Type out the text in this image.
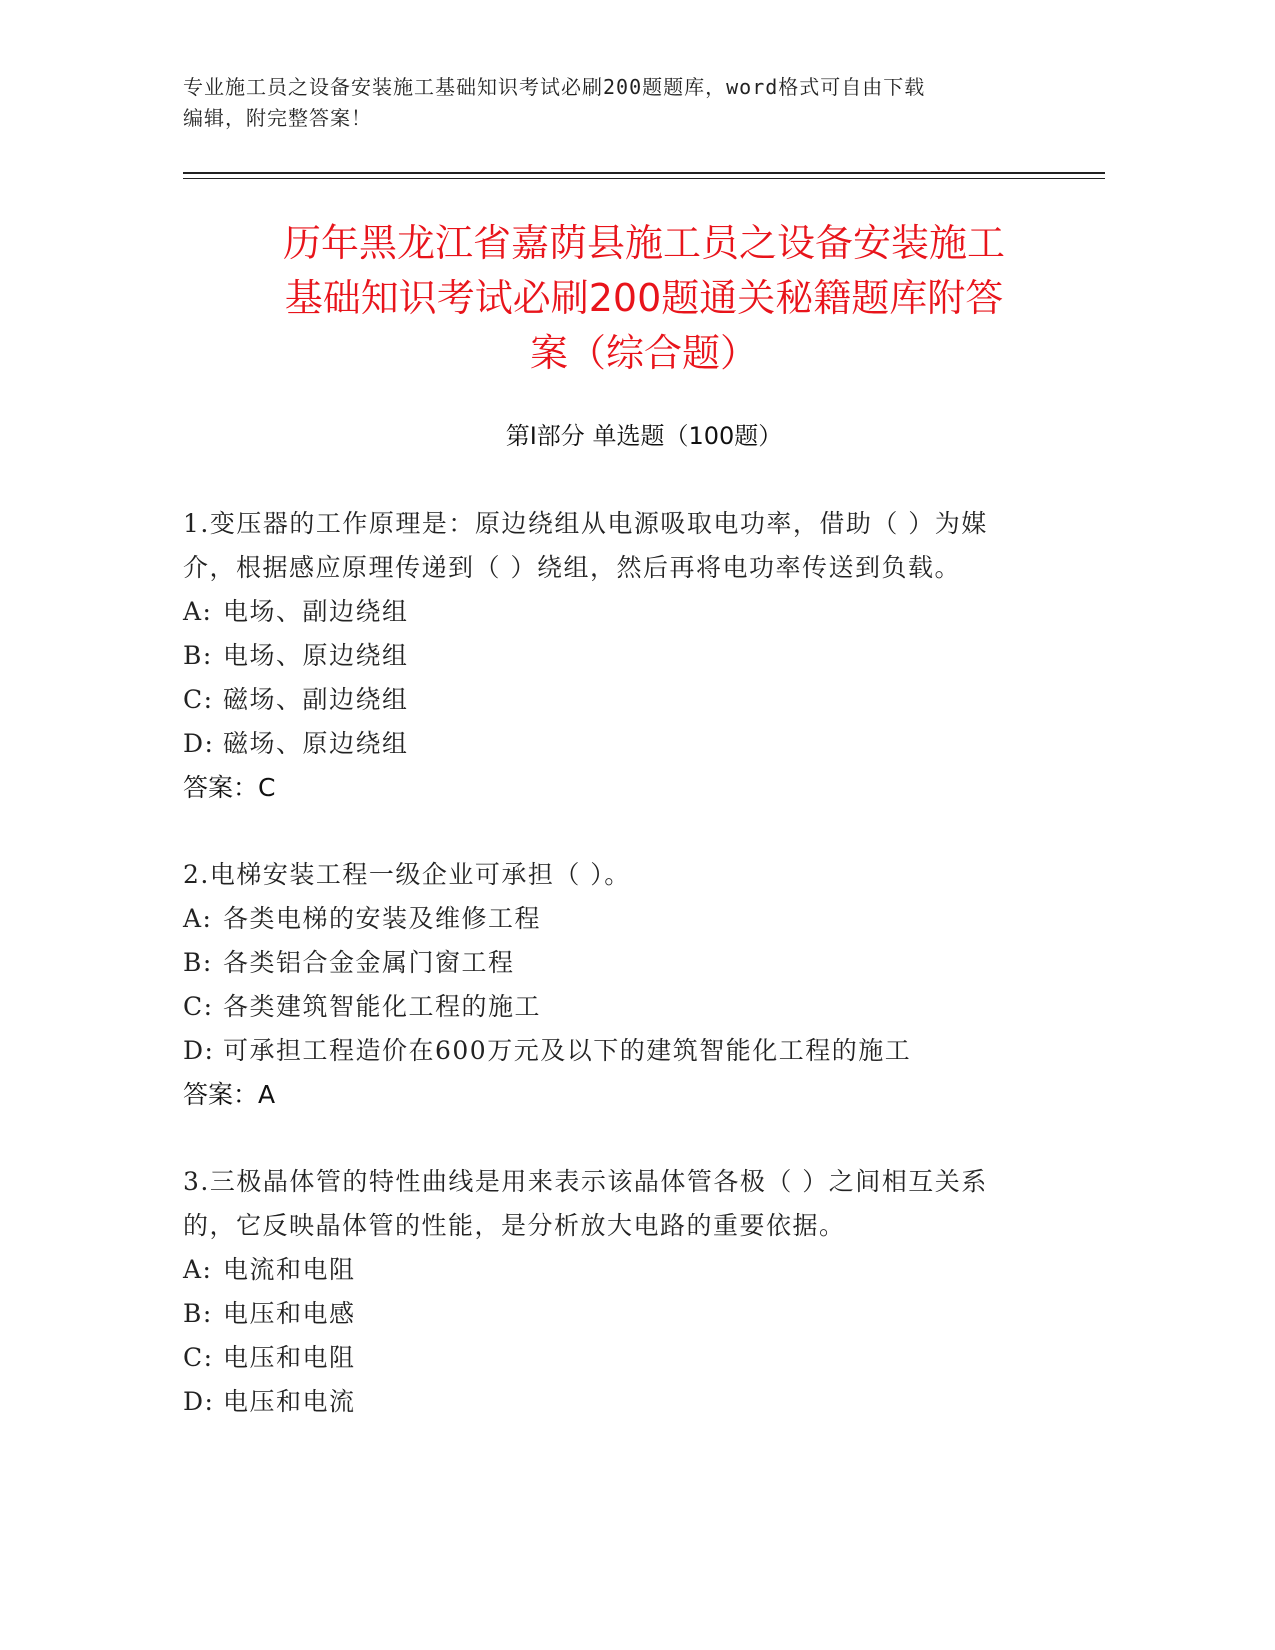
专业施工员之设备安装施工基础知识考试必刷200题题库，word格式可自由下载
编辑，附完整答案！
历年黑龙江省嘉荫县施工员之设备安装施工
基础知识考试必刷200题通关秘籍题库附答
案（综合题）
第Ⅰ部分 单选题（100题）

1.变压器的工作原理是：原边绕组从电源吸取电功率，借助（ ）为媒介，根据感应原理传递到（ ）绕组，然后再将电功率传送到负载。

A: 电场、副边绕组

B: 电场、原边绕组

C: 磁场、副边绕组

D: 磁场、原边绕组

答案：C

2.电梯安装工程一级企业可承担（ ）。

A: 各类电梯的安装及维修工程

B: 各类铝合金金属门窗工程

C: 各类建筑智能化工程的施工

D: 可承担工程造价在600万元及以下的建筑智能化工程的施工

答案：A

3.三极晶体管的特性曲线是用来表示该晶体管各极（ ）之间相互关系的，它反映晶体管的性能，是分析放大电路的重要依据。

A: 电流和电阻

B: 电压和电感

C: 电压和电阻

D: 电压和电流
